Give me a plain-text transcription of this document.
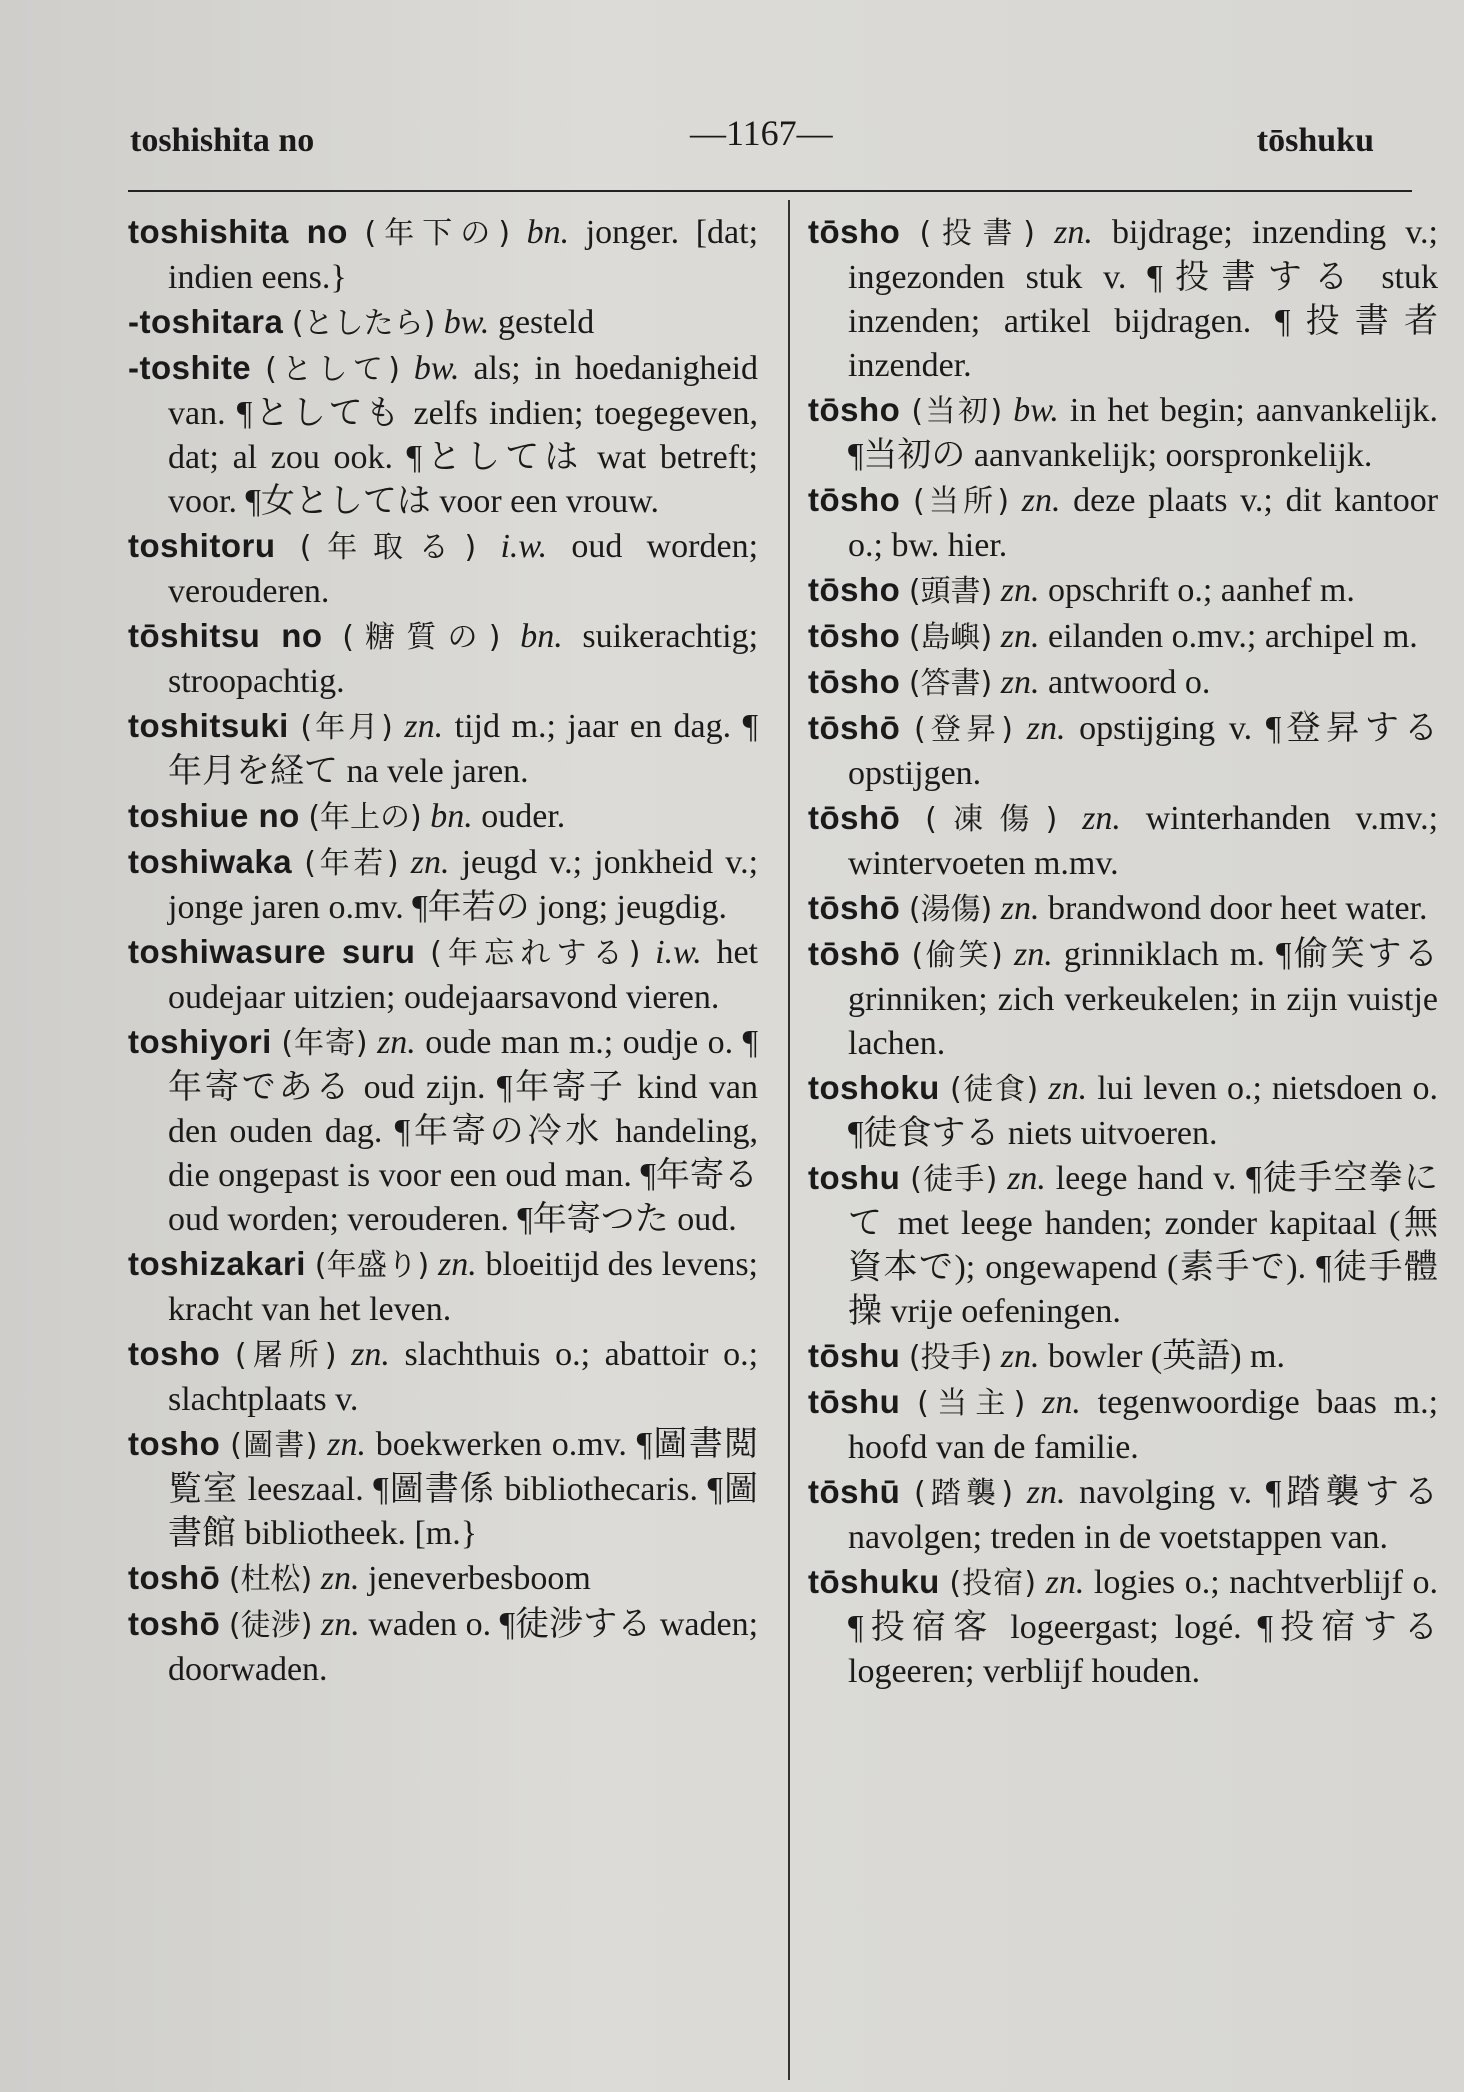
toshishita no	—1167—	tōshuku

toshishita no (年下の) bn. jonger. [dat; indien eens.}

-toshitara (としたら) bw. gesteld

-toshite (として) bw. als; in hoedanigheid van. ¶としても zelfs indien; toegegeven, dat; al zou ook. ¶としては wat betreft; voor. ¶女としては voor een vrouw.

toshitoru (年取る) i.w. oud worden; verouderen.

tōshitsu no (糖質の) bn. suikerachtig; stroopachtig.

toshitsuki (年月) zn. tijd m.; jaar en dag. ¶年月を経て na vele jaren.

toshiue no (年上の) bn. ouder.

toshiwaka (年若) zn. jeugd v.; jonkheid v.; jonge jaren o.mv. ¶年若の jong; jeugdig.

toshiwasure suru (年忘れする) i.w. het oudejaar uitzien; oudejaarsavond vieren.

toshiyori (年寄) zn. oude man m.; oudje o. ¶年寄である oud zijn. ¶年寄子 kind van den ouden dag. ¶年寄の冷水 handeling, die ongepast is voor een oud man. ¶年寄る oud worden; verouderen. ¶年寄つた oud.

toshizakari (年盛り) zn. bloeitijd des levens; kracht van het leven.

tosho (屠所) zn. slachthuis o.; abattoir o.; slachtplaats v.

tosho (圖書) zn. boekwerken o.mv. ¶圖書閲覧室 leeszaal. ¶圖書係 bibliothecaris. ¶圖書館 bibliotheek. [m.}

toshō (杜松) zn. jeneverbesboom

toshō (徒涉) zn. waden o. ¶徒涉する waden; doorwaden.

tōsho (投書) zn. bijdrage; inzending v.; ingezonden stuk v. ¶投書する stuk inzenden; artikel bijdragen. ¶投書者 inzender.

tōsho (当初) bw. in het begin; aanvankelijk. ¶当初の aanvankelijk; oorspronkelijk.

tōsho (当所) zn. deze plaats v.; dit kantoor o.; bw. hier.

tōsho (頭書) zn. opschrift o.; aanhef m.

tōsho (島嶼) zn. eilanden o.mv.; archipel m.

tōsho (答書) zn. antwoord o.

tōshō (登昇) zn. opstijging v. ¶登昇する opstijgen.

tōshō (凍傷) zn. winterhanden v.mv.; wintervoeten m.mv.

tōshō (湯傷) zn. brandwond door heet water.

tōshō (偷笑) zn. grinniklach m. ¶偷笑する grinniken; zich verkeukelen; in zijn vuistje lachen.

toshoku (徒食) zn. lui leven o.; nietsdoen o. ¶徒食する niets uitvoeren.

toshu (徒手) zn. leege hand v. ¶徒手空拳にて met leege handen; zonder kapitaal (無資本で); ongewapend (素手で). ¶徒手體操 vrije oefeningen.

tōshu (投手) zn. bowler (英語) m.

tōshu (当主) zn. tegenwoordige baas m.; hoofd van de familie.

tōshū (踏襲) zn. navolging v. ¶踏襲する navolgen; treden in de voetstappen van.

tōshuku (投宿) zn. logies o.; nachtverblijf o. ¶投宿客 logeergast; logé. ¶投宿する logeeren; verblijf houden.
